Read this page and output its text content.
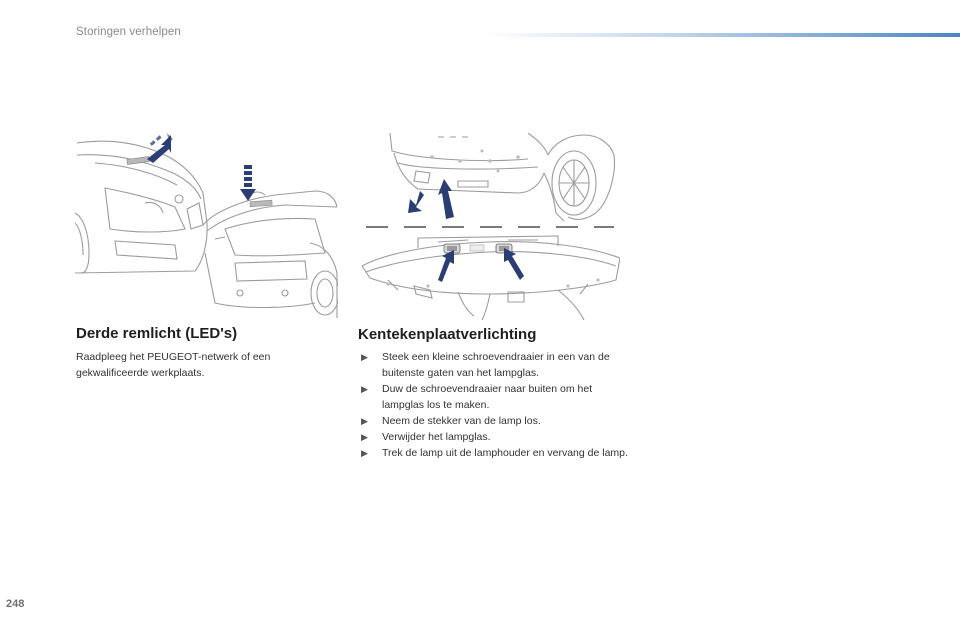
Storingen verhelpen
Derde remlicht (LED's)
Raadpleeg het PEUGEOT-netwerk of een gekwalificeerde werkplaats.
Kentekenplaatverlichting
▶ Steek een kleine schroevendraaier in een van de buitenste gaten van het lampglas.
▶ Duw de schroevendraaier naar buiten om het lampglas los te maken.
▶ Neem de stekker van de lamp los.
▶ Verwijder het lampglas.
▶ Trek de lamp uit de lamphouder en vervang de lamp.
248
